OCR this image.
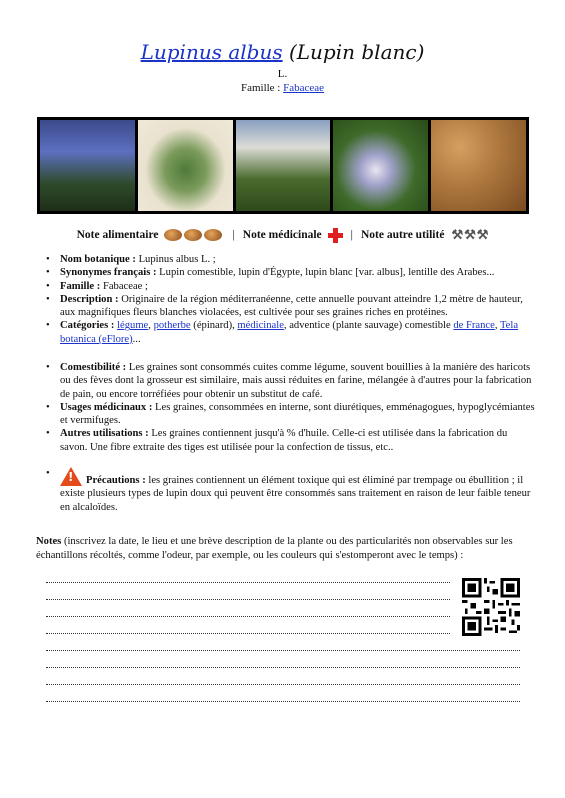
Lupinus albus (Lupin blanc)
L.
Famille : Fabaceae
Note alimentaire	| Note médicinale	| Note autre utilité ⚒⚒⚒
• Nom botanique : Lupinus albus L. ;
• Synonymes français : Lupin comestible, lupin d'Égypte, lupin blanc [var. albus], lentille des Arabes...
• Famille : Fabaceae ;
• Description : Originaire de la région méditerranéenne, cette annuelle pouvant atteindre 1,2 mètre de hauteur, aux magnifiques fleurs blanches violacées, est cultivée pour ses graines riches en protéines.
• Catégories : légume, potherbe (épinard), médicinale, adventice (plante sauvage) comestible de France, Tela botanica (eFlore)...
• Comestibilité : Les graines sont consommés cuites comme légume, souvent bouillies à la manière des haricots ou des fèves dont la grosseur est similaire, mais aussi réduites en farine, mélangée à d'autres pour la fabrication de pain, ou encore torréfiées pour obtenir un substitut de café.
• Usages médicinaux : Les graines, consommées en interne, sont diurétiques, emménagogues, hypoglycémiantes et vermifuges.
• Autres utilisations : Les graines contiennent jusqu'à % d'huile. Celle-ci est utilisée dans la fabrication du savon. Une fibre extraite des tiges est utilisée pour la confection de tissus, etc..
• ! Précautions : les graines contiennent un élément toxique qui est éliminé par trempage ou ébullition ; il existe plusieurs types de lupin doux qui peuvent être consommés sans traitement en raison de leur faible teneur en alcaloïdes.
Notes (inscrivez la date, le lieu et une brève description de la plante ou des particularités non observables sur les échantillons récoltés, comme l'odeur, par exemple, ou les couleurs qui s'estomperont avec le temps) :
